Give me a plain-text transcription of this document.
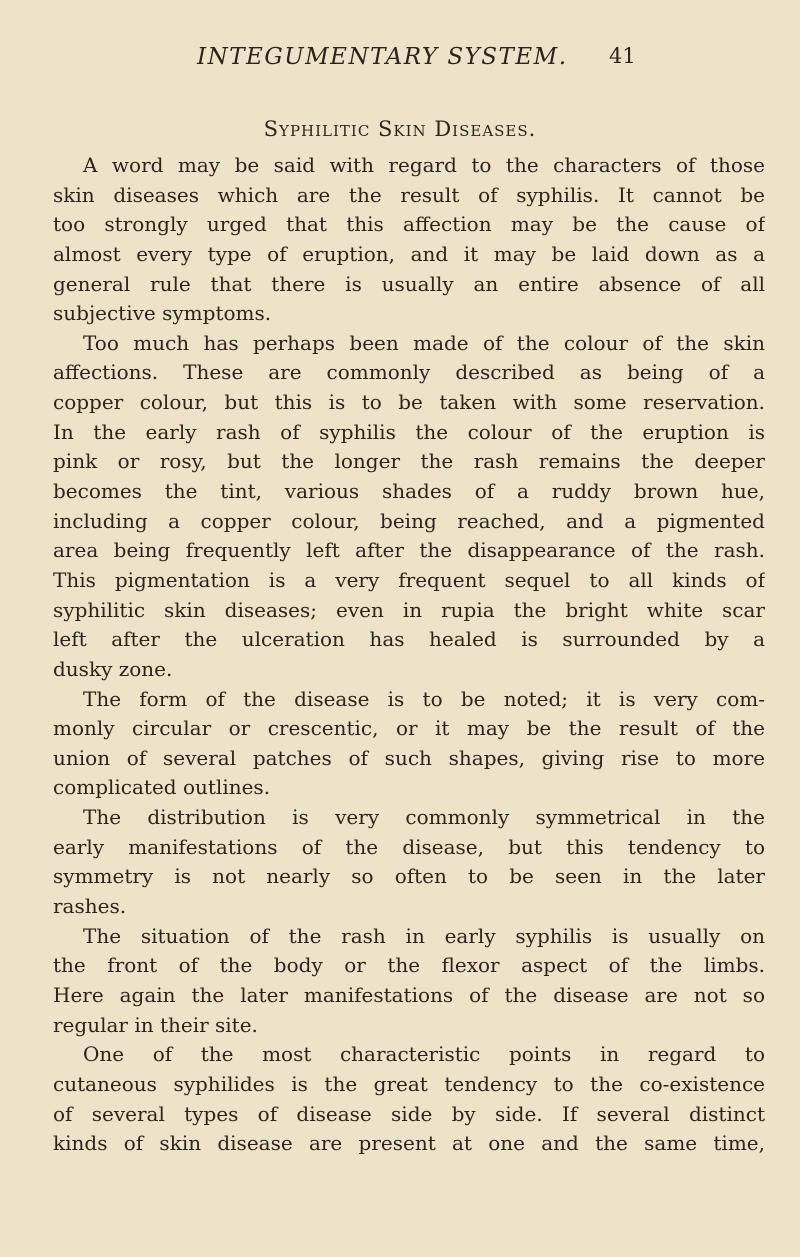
INTEGUMENTARY SYSTEM. 41
Syphilitic Skin Diseases.
A word may be said with regard to the characters of those
skin diseases which are the result of syphilis. It cannot be
too strongly urged that this affection may be the cause of
almost every type of eruption, and it may be laid down as a
general rule that there is usually an entire absence of all
subjective symptoms.
Too much has perhaps been made of the colour of the skin
affections. These are commonly described as being of a
copper colour, but this is to be taken with some reservation.
In the early rash of syphilis the colour of the eruption is
pink or rosy, but the longer the rash remains the deeper
becomes the tint, various shades of a ruddy brown hue,
including a copper colour, being reached, and a pigmented
area being frequently left after the disappearance of the rash.
This pigmentation is a very frequent sequel to all kinds of
syphilitic skin diseases; even in rupia the bright white scar
left after the ulceration has healed is surrounded by a
dusky zone.
The form of the disease is to be noted; it is very com-
monly circular or crescentic, or it may be the result of the
union of several patches of such shapes, giving rise to more
complicated outlines.
The distribution is very commonly symmetrical in the
early manifestations of the disease, but this tendency to
symmetry is not nearly so often to be seen in the later
rashes.
The situation of the rash in early syphilis is usually on
the front of the body or the flexor aspect of the limbs.
Here again the later manifestations of the disease are not so
regular in their site.
One of the most characteristic points in regard to
cutaneous syphilides is the great tendency to the co-existence
of several types of disease side by side. If several distinct
kinds of skin disease are present at one and the same time,
